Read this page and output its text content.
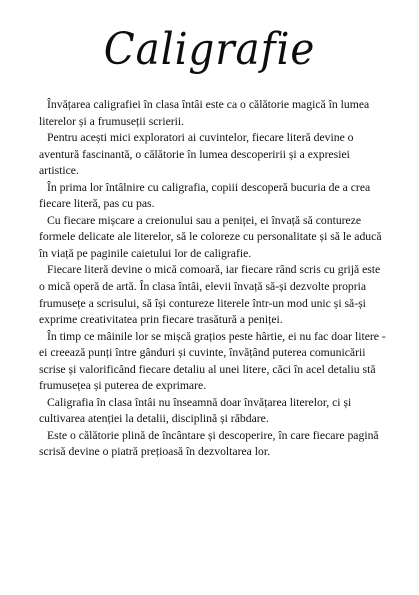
Caligrafie

Învățarea caligrafiei în clasa întâi este ca o călătorie magică în lumea literelor și a frumuseții scrierii.

Pentru acești mici exploratori ai cuvintelor, fiecare literă devine o aventură fascinantă, o călătorie în lumea descoperirii și a expresiei artistice.

În prima lor întâlnire cu caligrafia, copiii descoperă bucuria de a crea fiecare literă, pas cu pas.

Cu fiecare mișcare a creionului sau a peniței, ei învață să contureze formele delicate ale literelor, să le coloreze cu personalitate și să le aducă în viață pe paginile caietului lor de caligrafie.

Fiecare literă devine o mică comoară, iar fiecare rând scris cu grijă este o mică operă de artă. În clasa întâi, elevii învață să-și dezvolte propria frumusețe a scrisului, să își contureze literele într-un mod unic și să-și exprime creativitatea prin fiecare trasătură a peniței.

În timp ce mâinile lor se mișcă grațios peste hârtie, ei nu fac doar litere - ei creează punți între gânduri și cuvinte, învățând puterea comunicării scrise și valorificând fiecare detaliu al unei litere, căci în acel detaliu stă frumusețea și puterea de exprimare.

Caligrafia în clasa întâi nu înseamnă doar învățarea literelor, ci și cultivarea atenției la detalii, disciplină și răbdare.

Este o călătorie plină de încântare și descoperire, în care fiecare pagină scrisă devine o piatră prețioasă în dezvoltarea lor.
